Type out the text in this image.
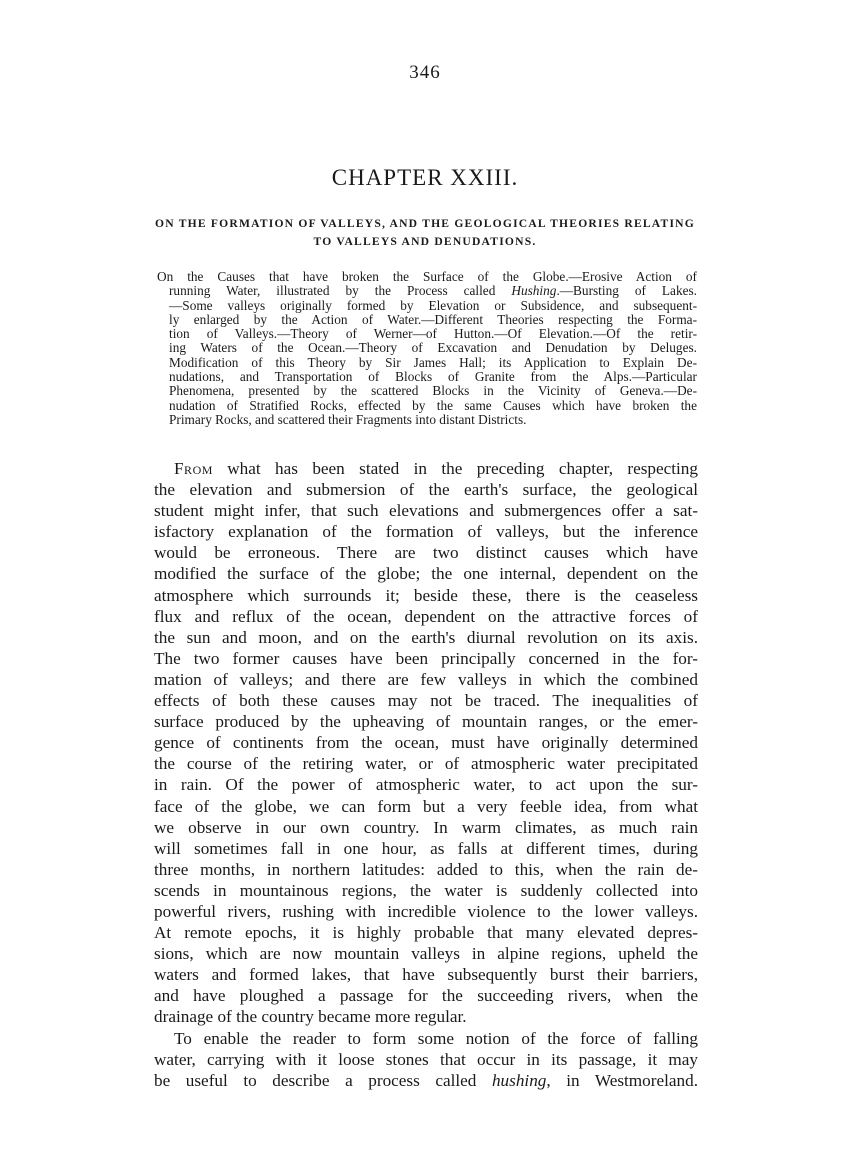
346
CHAPTER XXIII.
ON THE FORMATION OF VALLEYS, AND THE GEOLOGICAL THEORIES RELATING TO VALLEYS AND DENUDATIONS.
On the Causes that have broken the Surface of the Globe.—Erosive Action of
running Water, illustrated by the Process called Hushing.—Bursting of Lakes.
—Some valleys originally formed by Elevation or Subsidence, and subsequent-
ly enlarged by the Action of Water.—Different Theories respecting the Forma-
tion of Valleys.—Theory of Werner—of Hutton.—Of Elevation.—Of the retir-
ing Waters of the Ocean.—Theory of Excavation and Denudation by Deluges.
Modification of this Theory by Sir James Hall; its Application to Explain De-
nudations, and Transportation of Blocks of Granite from the Alps.—Particular
Phenomena, presented by the scattered Blocks in the Vicinity of Geneva.—De-
nudation of Stratified Rocks, effected by the same Causes which have broken the
Primary Rocks, and scattered their Fragments into distant Districts.
From what has been stated in the preceding chapter, respecting
the elevation and submersion of the earth's surface, the geological
student might infer, that such elevations and submergences offer a sat-
isfactory explanation of the formation of valleys, but the inference
would be erroneous. There are two distinct causes which have
modified the surface of the globe; the one internal, dependent on the
atmosphere which surrounds it; beside these, there is the ceaseless
flux and reflux of the ocean, dependent on the attractive forces of
the sun and moon, and on the earth's diurnal revolution on its axis.
The two former causes have been principally concerned in the for-
mation of valleys; and there are few valleys in which the combined
effects of both these causes may not be traced. The inequalities of
surface produced by the upheaving of mountain ranges, or the emer-
gence of continents from the ocean, must have originally determined
the course of the retiring water, or of atmospheric water precipitated
in rain. Of the power of atmospheric water, to act upon the sur-
face of the globe, we can form but a very feeble idea, from what
we observe in our own country. In warm climates, as much rain
will sometimes fall in one hour, as falls at different times, during
three months, in northern latitudes: added to this, when the rain de-
scends in mountainous regions, the water is suddenly collected into
powerful rivers, rushing with incredible violence to the lower valleys.
At remote epochs, it is highly probable that many elevated depres-
sions, which are now mountain valleys in alpine regions, upheld the
waters and formed lakes, that have subsequently burst their barriers,
and have ploughed a passage for the succeeding rivers, when the
drainage of the country became more regular.
To enable the reader to form some notion of the force of falling
water, carrying with it loose stones that occur in its passage, it may
be useful to describe a process called hushing, in Westmoreland.
